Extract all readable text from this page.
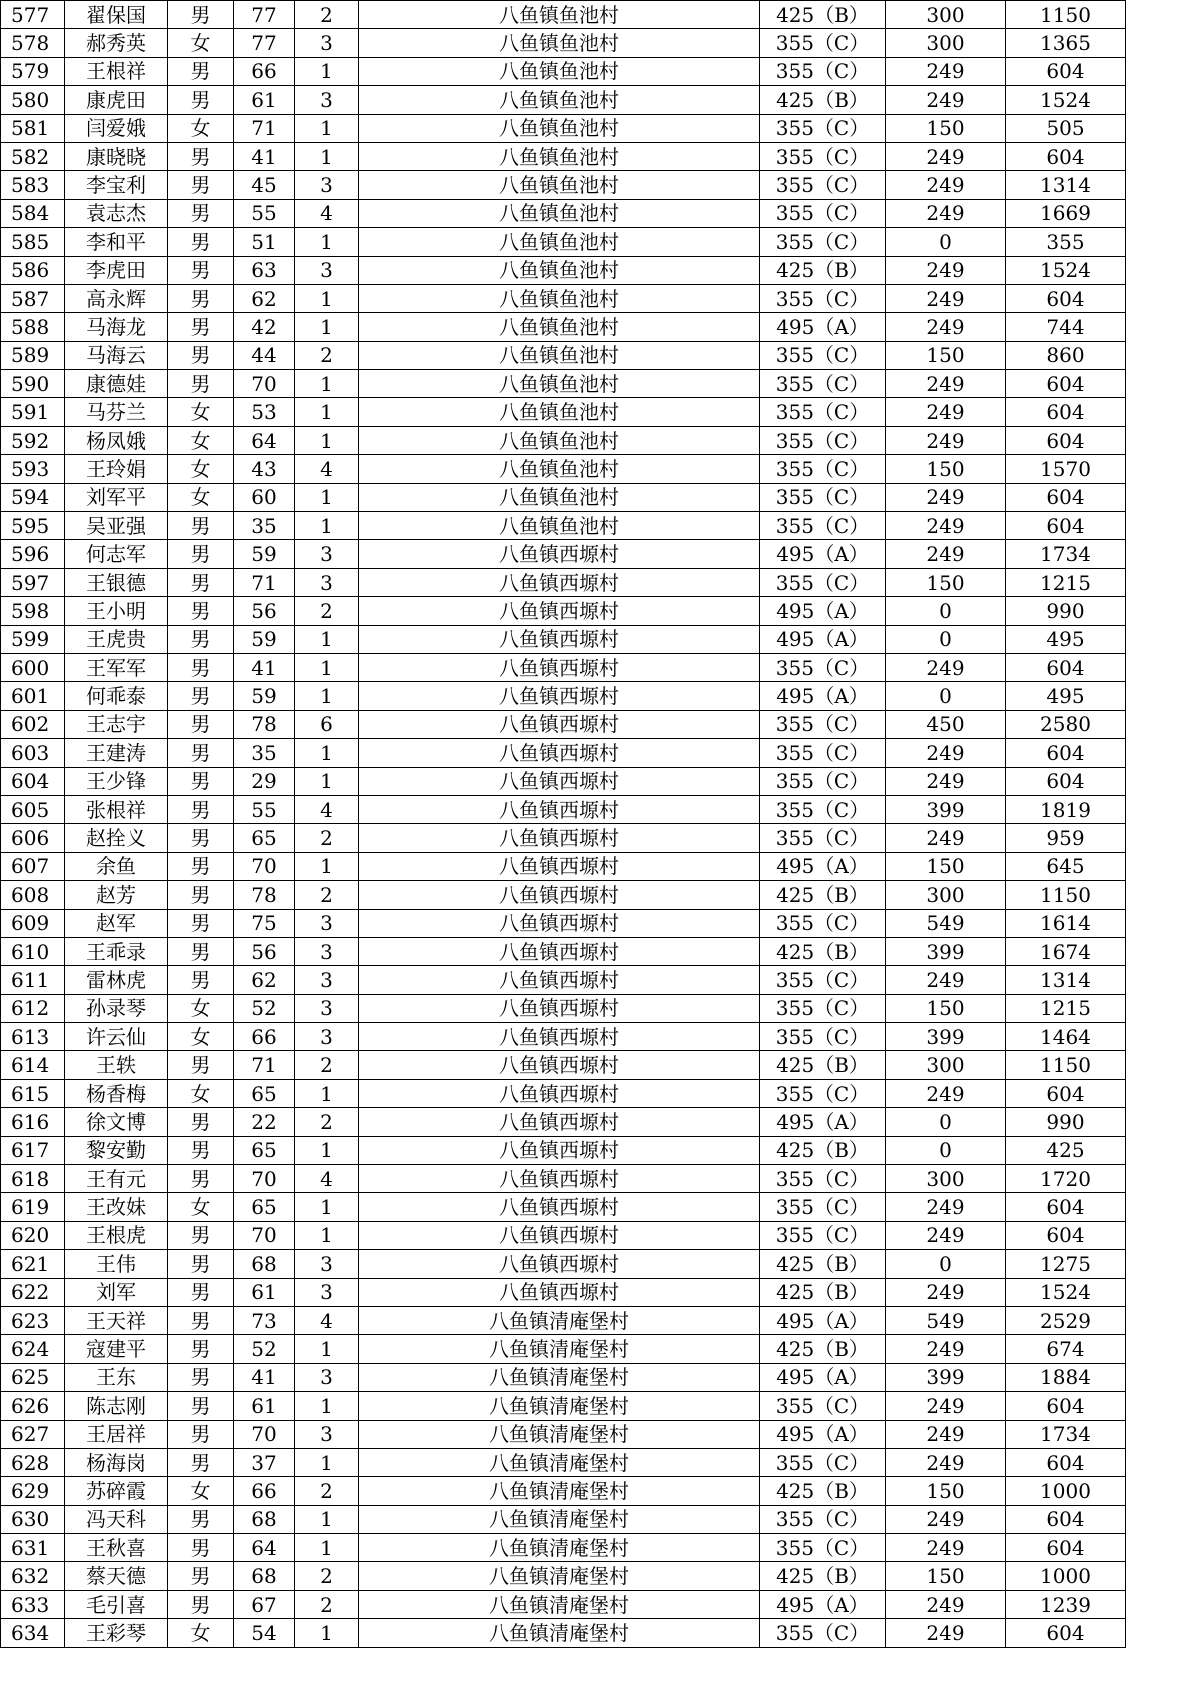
577	翟保国	男	77	2	八鱼镇鱼池村	425（B）	300	1150
578	郝秀英	女	77	3	八鱼镇鱼池村	355（C）	300	1365
579	王根祥	男	66	1	八鱼镇鱼池村	355（C）	249	604
580	康虎田	男	61	3	八鱼镇鱼池村	425（B）	249	1524
581	闫爱娥	女	71	1	八鱼镇鱼池村	355（C）	150	505
582	康晓晓	男	41	1	八鱼镇鱼池村	355（C）	249	604
583	李宝利	男	45	3	八鱼镇鱼池村	355（C）	249	1314
584	袁志杰	男	55	4	八鱼镇鱼池村	355（C）	249	1669
585	李和平	男	51	1	八鱼镇鱼池村	355（C）	0	355
586	李虎田	男	63	3	八鱼镇鱼池村	425（B）	249	1524
587	高永辉	男	62	1	八鱼镇鱼池村	355（C）	249	604
588	马海龙	男	42	1	八鱼镇鱼池村	495（A）	249	744
589	马海云	男	44	2	八鱼镇鱼池村	355（C）	150	860
590	康德娃	男	70	1	八鱼镇鱼池村	355（C）	249	604
591	马芬兰	女	53	1	八鱼镇鱼池村	355（C）	249	604
592	杨凤娥	女	64	1	八鱼镇鱼池村	355（C）	249	604
593	王玲娟	女	43	4	八鱼镇鱼池村	355（C）	150	1570
594	刘军平	女	60	1	八鱼镇鱼池村	355（C）	249	604
595	吴亚强	男	35	1	八鱼镇鱼池村	355（C）	249	604
596	何志军	男	59	3	八鱼镇西塬村	495（A）	249	1734
597	王银德	男	71	3	八鱼镇西塬村	355（C）	150	1215
598	王小明	男	56	2	八鱼镇西塬村	495（A）	0	990
599	王虎贵	男	59	1	八鱼镇西塬村	495（A）	0	495
600	王军军	男	41	1	八鱼镇西塬村	355（C）	249	604
601	何乖泰	男	59	1	八鱼镇西塬村	495（A）	0	495
602	王志宇	男	78	6	八鱼镇西塬村	355（C）	450	2580
603	王建涛	男	35	1	八鱼镇西塬村	355（C）	249	604
604	王少锋	男	29	1	八鱼镇西塬村	355（C）	249	604
605	张根祥	男	55	4	八鱼镇西塬村	355（C）	399	1819
606	赵拴义	男	65	2	八鱼镇西塬村	355（C）	249	959
607	余鱼	男	70	1	八鱼镇西塬村	495（A）	150	645
608	赵芳	男	78	2	八鱼镇西塬村	425（B）	300	1150
609	赵军	男	75	3	八鱼镇西塬村	355（C）	549	1614
610	王乖录	男	56	3	八鱼镇西塬村	425（B）	399	1674
611	雷林虎	男	62	3	八鱼镇西塬村	355（C）	249	1314
612	孙录琴	女	52	3	八鱼镇西塬村	355（C）	150	1215
613	许云仙	女	66	3	八鱼镇西塬村	355（C）	399	1464
614	王轶	男	71	2	八鱼镇西塬村	425（B）	300	1150
615	杨香梅	女	65	1	八鱼镇西塬村	355（C）	249	604
616	徐文博	男	22	2	八鱼镇西塬村	495（A）	0	990
617	黎安勤	男	65	1	八鱼镇西塬村	425（B）	0	425
618	王有元	男	70	4	八鱼镇西塬村	355（C）	300	1720
619	王改妹	女	65	1	八鱼镇西塬村	355（C）	249	604
620	王根虎	男	70	1	八鱼镇西塬村	355（C）	249	604
621	王伟	男	68	3	八鱼镇西塬村	425（B）	0	1275
622	刘军	男	61	3	八鱼镇西塬村	425（B）	249	1524
623	王天祥	男	73	4	八鱼镇清庵堡村	495（A）	549	2529
624	寇建平	男	52	1	八鱼镇清庵堡村	425（B）	249	674
625	王东	男	41	3	八鱼镇清庵堡村	495（A）	399	1884
626	陈志刚	男	61	1	八鱼镇清庵堡村	355（C）	249	604
627	王居祥	男	70	3	八鱼镇清庵堡村	495（A）	249	1734
628	杨海岗	男	37	1	八鱼镇清庵堡村	355（C）	249	604
629	苏碎霞	女	66	2	八鱼镇清庵堡村	425（B）	150	1000
630	冯天科	男	68	1	八鱼镇清庵堡村	355（C）	249	604
631	王秋喜	男	64	1	八鱼镇清庵堡村	355（C）	249	604
632	蔡天德	男	68	2	八鱼镇清庵堡村	425（B）	150	1000
633	毛引喜	男	67	2	八鱼镇清庵堡村	495（A）	249	1239
634	王彩琴	女	54	1	八鱼镇清庵堡村	355（C）	249	604
